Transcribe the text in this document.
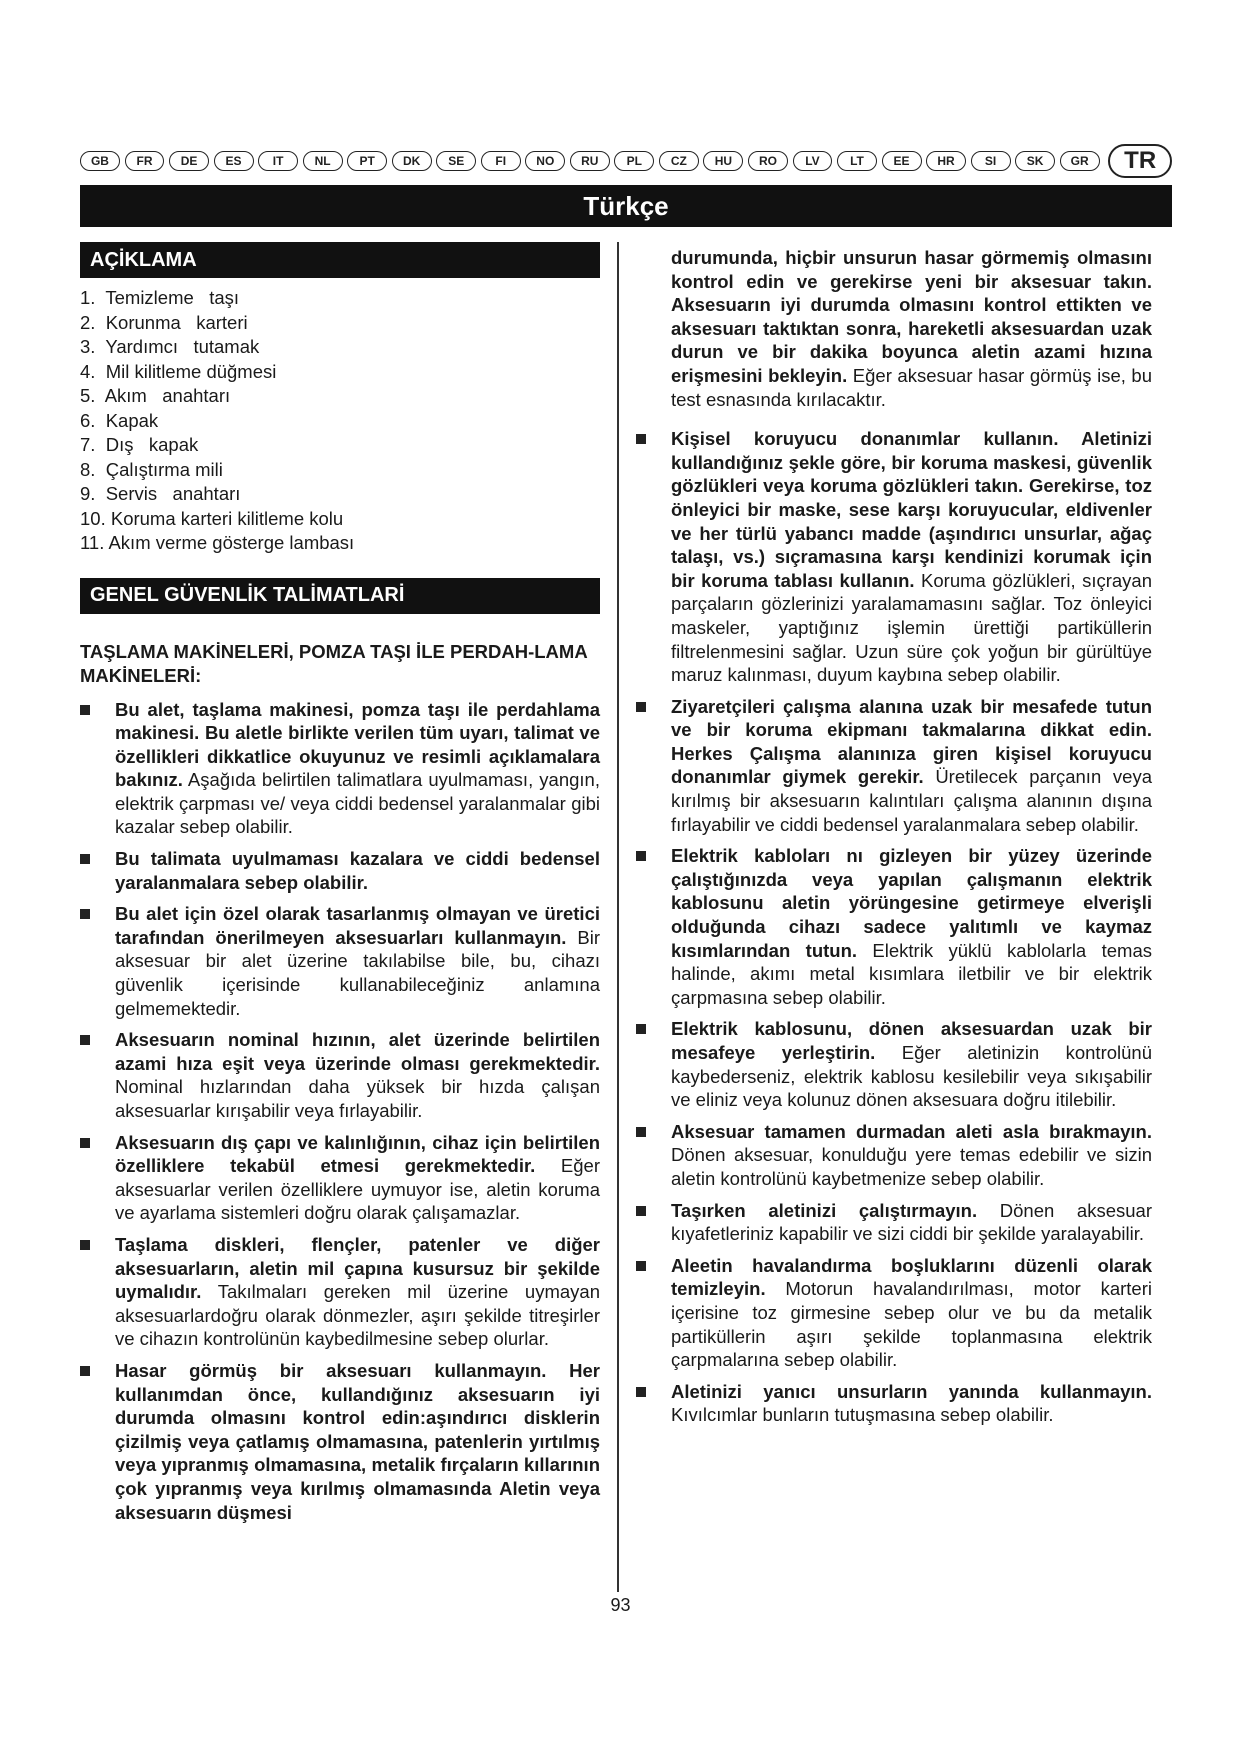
GB	FR	DE	ES	IT	NL	PT	DK	SE	FI	NO	RU	PL	CZ	HU	RO	LV	LT	EE	HR	SI	SK	GR	TR
Türkçe
AÇİKLAMA
1.  Temizleme   taşı
2.  Korunma   karteri
3.  Yardımcı   tutamak
4.  Mil kilitleme düğmesi
5.  Akım   anahtarı
6.  Kapak
7.  Dış   kapak
8.  Çalıştırma mili
9.  Servis   anahtarı
10. Koruma karteri kilitleme kolu
11. Akım verme gösterge lambası
GENEL GÜVENLİK TALİMATLARİ
TAŞLAMA MAKİNELERİ, POMZA TAŞI İLE PERDAH-LAMA MAKİNELERİ:
Bu alet, taşlama makinesi, pomza taşı ile perdahlama makinesi. Bu aletle birlikte verilen tüm uyarı, talimat ve özellikleri dikkatlice okuyunuz ve resimli açıklamalara bakınız. Aşağıda belirtilen talimatlara uyulmaması, yangın, elektrik çarpması ve/ veya ciddi bedensel yaralanmalar gibi kazalar sebep olabilir.
Bu talimata uyulmaması kazalara ve ciddi bedensel yaralanmalara sebep olabilir.
Bu alet için özel olarak tasarlanmış olmayan ve üretici tarafından önerilmeyen aksesuarları kullanmayın. Bir aksesuar bir alet üzerine takılabilse bile, bu, cihazı güvenlik içerisinde kullanabileceğiniz anlamına gelmemektedir.
Aksesuarın nominal hızının, alet üzerinde belirtilen azami hıza eşit veya üzerinde olması gerekmektedir. Nominal hızlarından daha yüksek bir hızda çalışan aksesuarlar kırışabilir veya fırlayabilir.
Aksesuarın dış çapı ve kalınlığının, cihaz için belirtilen özelliklere tekabül etmesi gerekmektedir. Eğer aksesuarlar verilen özelliklere uymuyor ise, aletin koruma ve ayarlama sistemleri doğru olarak çalışamazlar.
Taşlama diskleri, flençler, patenler ve diğer aksesuarların, aletin mil çapına kusursuz bir şekilde uymalıdır. Takılmaları gereken mil üzerine uymayan aksesuarlardoğru olarak dönmezler, aşırı şekilde titreşirler ve cihazın kontrolünün kaybedilmesine sebep olurlar.
Hasar görmüş bir aksesuarı kullanmayın. Her kullanımdan önce, kullandığınız aksesuarın iyi durumda olmasını kontrol edin:aşındırıcı disklerin çizilmiş veya çatlamış olmamasına, patenlerin yırtılmış veya yıpranmış olmamasına, metalik fırçaların kıllarının çok yıpranmış veya kırılmış olmamasında Aletin veya aksesuarın düşmesi
durumunda, hiçbir unsurun hasar görmemiş olmasını kontrol edin ve gerekirse yeni bir aksesuar takın. Aksesuarın iyi durumda olmasını kontrol ettikten ve aksesuarı taktıktan sonra, hareketli aksesuardan uzak durun ve bir dakika boyunca aletin azami hızına erişmesini bekleyin. Eğer aksesuar hasar görmüş ise, bu test esnasında kırılacaktır.
Kişisel koruyucu donanımlar kullanın. Aletinizi kullandığınız şekle göre, bir koruma maskesi, güvenlik gözlükleri veya koruma gözlükleri takın. Gerekirse, toz önleyici bir maske, sese karşı koruyucular, eldivenler ve her türlü yabancı madde (aşındırıcı unsurlar, ağaç talaşı, vs.) sıçramasına karşı kendinizi korumak için bir koruma tablası kullanın. Koruma gözlükleri, sıçrayan parçaların gözlerinizi yaralamamasını sağlar. Toz önleyici maskeler, yaptığınız işlemin ürettiği partiküllerin filtrelenmesini sağlar. Uzun süre çok yoğun bir gürültüye maruz kalınması, duyum kaybına sebep olabilir.
Ziyaretçileri çalışma alanına uzak bir mesafede tutun ve bir koruma ekipmanı takmalarına dikkat edin. Herkes Çalışma alanınıza giren kişisel koruyucu donanımlar giymek gerekir. Üretilecek parçanın veya kırılmış bir aksesuarın kalıntıları çalışma alanının dışına fırlayabilir ve ciddi bedensel yaralanmalara sebep olabilir.
Elektrik kabloları nı gizleyen bir yüzey üzerinde çalıştığınızda veya yapılan çalışmanın elektrik kablosunu aletin yörüngesine getirmeye elverişli olduğunda cihazı sadece yalıtımlı ve kaymaz kısımlarından tutun. Elektrik yüklü kablolarla temas halinde, akımı metal kısımlara iletbilir ve bir elektrik çarpmasına sebep olabilir.
Elektrik kablosunu, dönen aksesuardan uzak bir mesafeye yerleştirin. Eğer aletinizin kontrolünü kaybederseniz, elektrik kablosu kesilebilir veya sıkışabilir ve eliniz veya kolunuz dönen aksesuara doğru itilebilir.
Aksesuar tamamen durmadan aleti asla bırakmayın. Dönen aksesuar, konulduğu yere temas edebilir ve sizin aletin kontrolünü kaybetmenize sebep olabilir.
Taşırken aletinizi çalıştırmayın. Dönen aksesuar kıyafetleriniz kapabilir ve sizi ciddi bir şekilde yaralayabilir.
Aleetin havalandırma boşluklarını düzenli olarak temizleyin. Motorun havalandırılması, motor karteri içerisine toz girmesine sebep olur ve bu da metalik partiküllerin aşırı şekilde toplanmasına elektrik çarpmalarına sebep olabilir.
Aletinizi yanıcı unsurların yanında kullanmayın. Kıvılcımlar bunların tutuşmasına sebep olabilir.
93
